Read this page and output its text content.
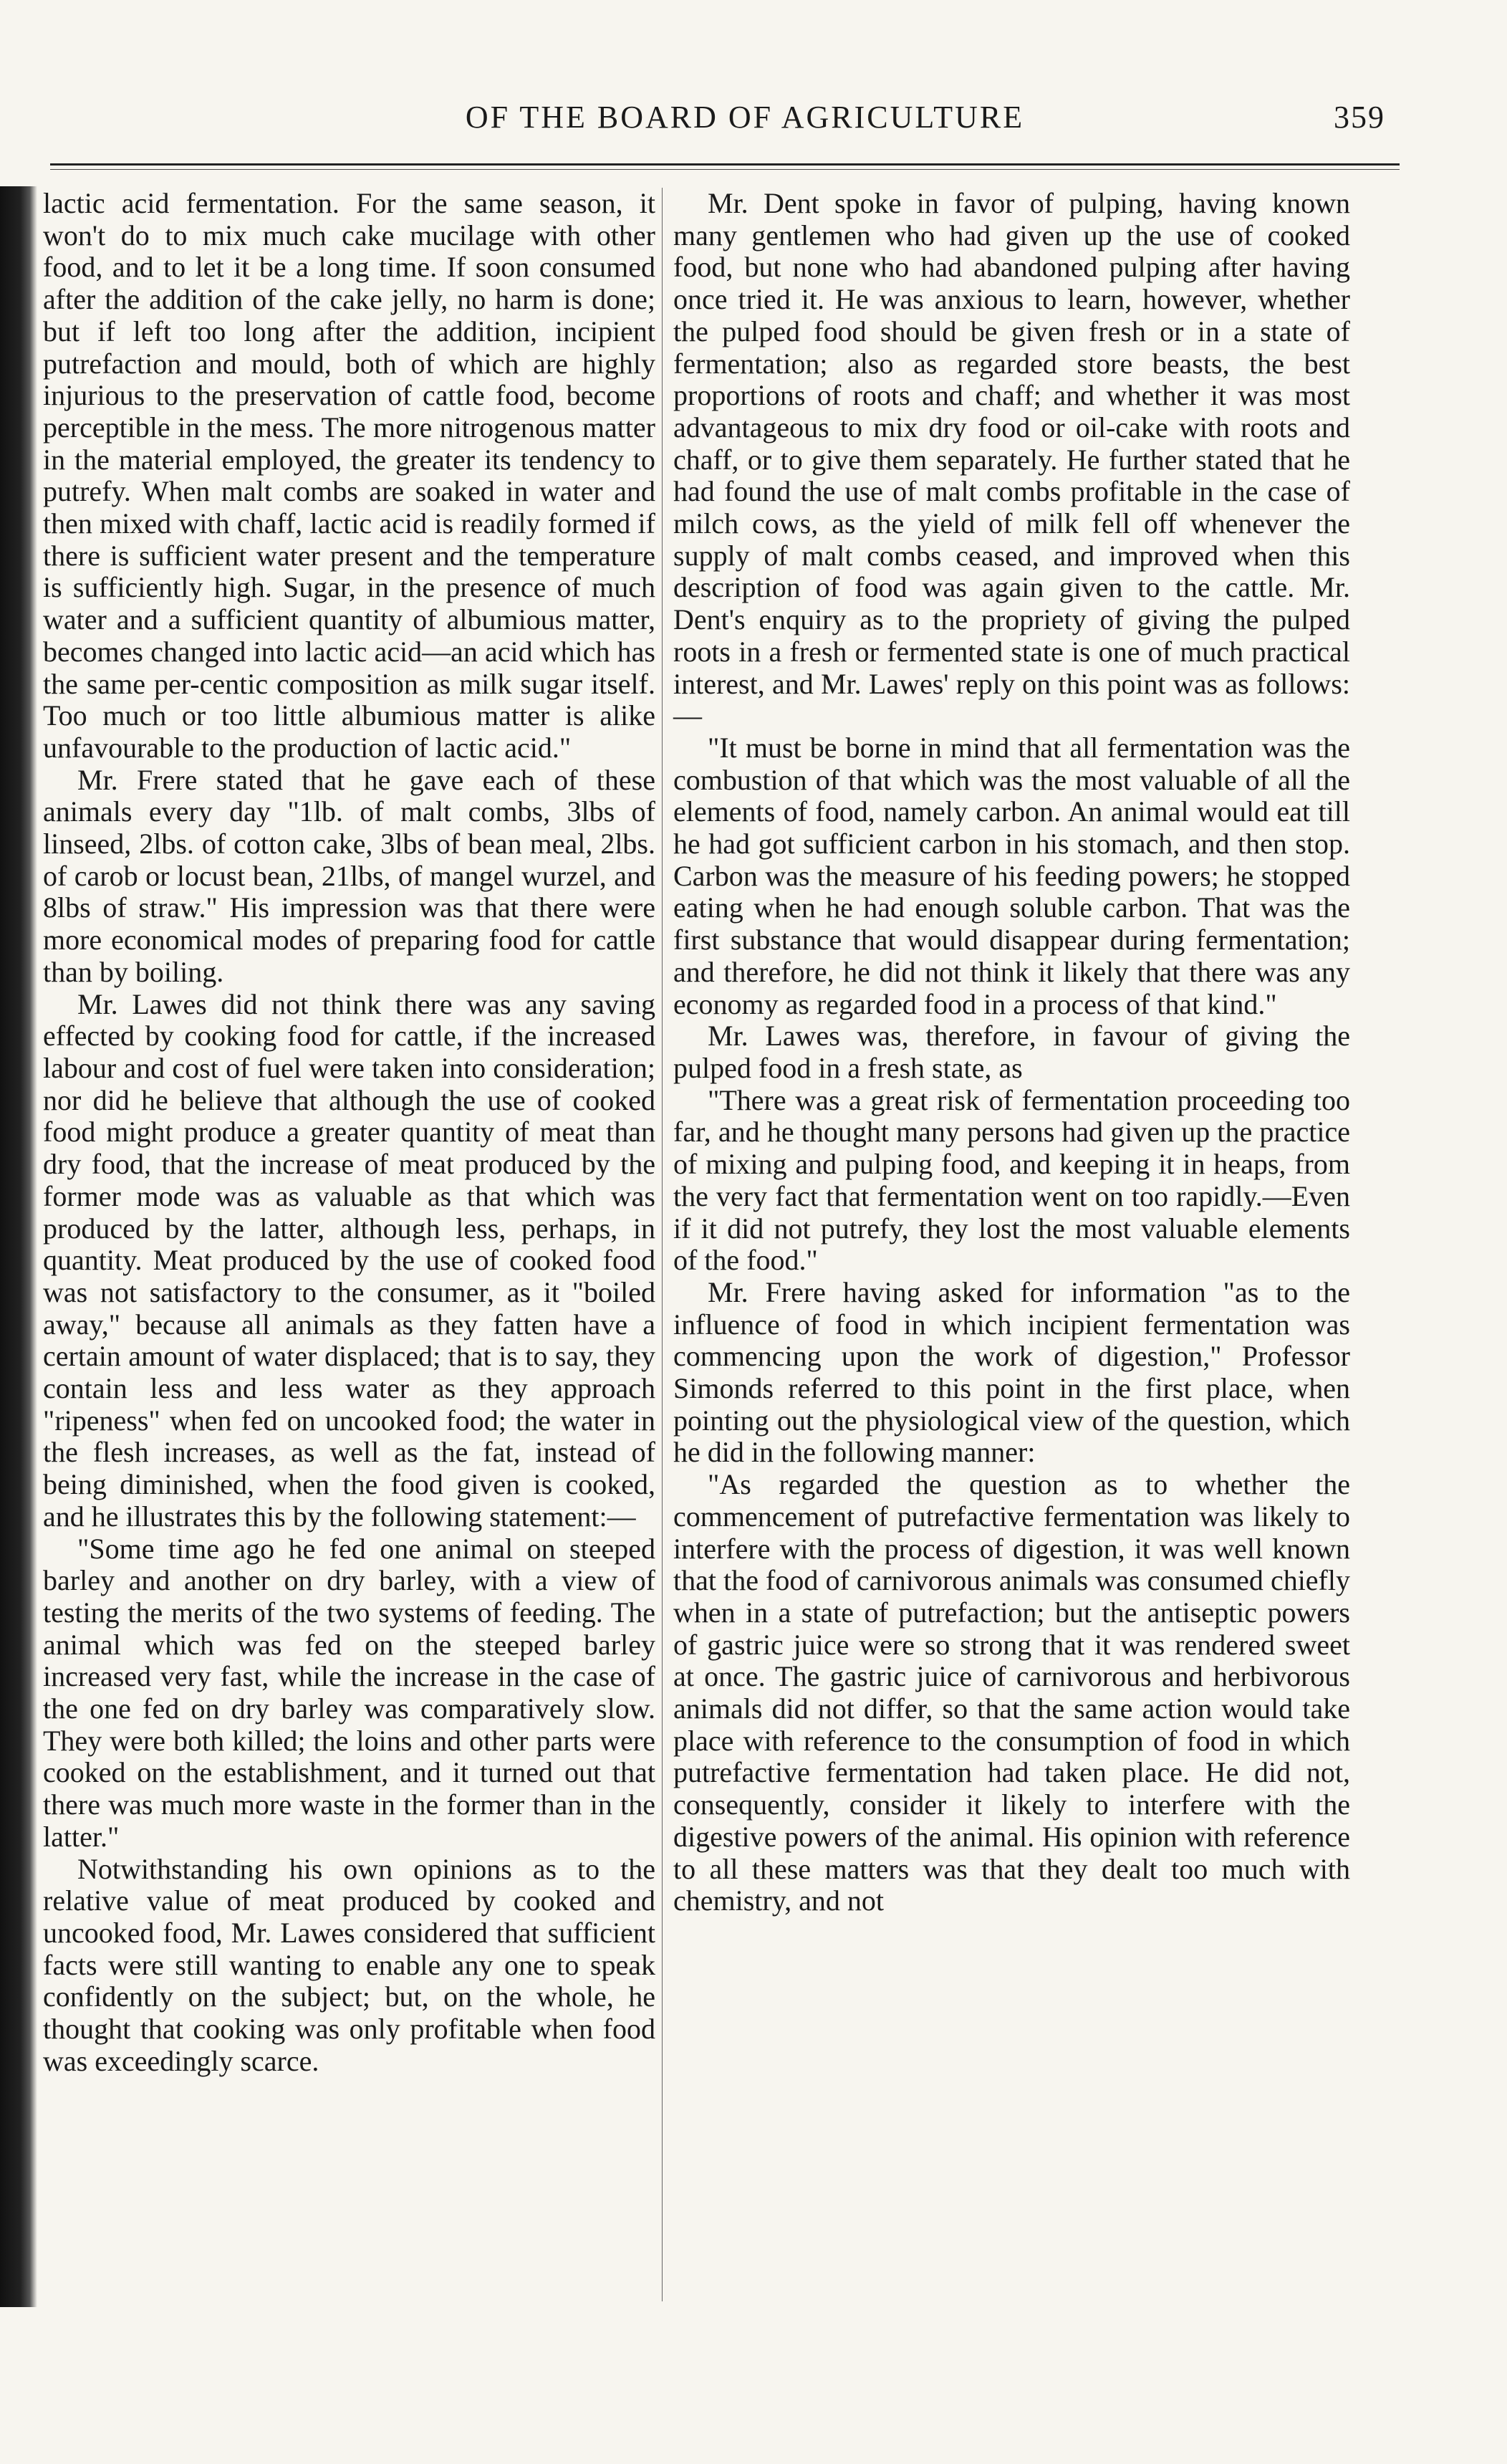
OF THE BOARD OF AGRICULTURE	359

lactic acid fermentation. For the same season, it won't do to mix much cake mucilage with other food, and to let it be a long time. If soon consumed after the addition of the cake jelly, no harm is done; but if left too long after the addition, incipient putrefaction and mould, both of which are highly injurious to the preservation of cattle food, become perceptible in the mess. The more nitrogenous matter in the material employed, the greater its tendency to putrefy. When malt combs are soaked in water and then mixed with chaff, lactic acid is readily formed if there is sufficient water present and the temperature is sufficiently high. Sugar, in the presence of much water and a sufficient quantity of albumious matter, becomes changed into lactic acid—an acid which has the same per-centic composition as milk sugar itself. Too much or too little albumious matter is alike unfavourable to the production of lactic acid."

Mr. Frere stated that he gave each of these animals every day "1lb. of malt combs, 3lbs of linseed, 2lbs. of cotton cake, 3lbs of bean meal, 2lbs. of carob or locust bean, 21lbs, of mangel wurzel, and 8lbs of straw." His impression was that there were more economical modes of preparing food for cattle than by boiling.

Mr. Lawes did not think there was any saving effected by cooking food for cattle, if the increased labour and cost of fuel were taken into consideration; nor did he believe that although the use of cooked food might produce a greater quantity of meat than dry food, that the increase of meat produced by the former mode was as valuable as that which was produced by the latter, although less, perhaps, in quantity. Meat produced by the use of cooked food was not satisfactory to the consumer, as it "boiled away," because all animals as they fatten have a certain amount of water displaced; that is to say, they contain less and less water as they approach "ripeness" when fed on uncooked food; the water in the flesh increases, as well as the fat, instead of being diminished, when the food given is cooked, and he illustrates this by the following statement:—

"Some time ago he fed one animal on steeped barley and another on dry barley, with a view of testing the merits of the two systems of feeding. The animal which was fed on the steeped barley increased very fast, while the increase in the case of the one fed on dry barley was comparatively slow. They were both killed; the loins and other parts were cooked on the establishment, and it turned out that there was much more waste in the former than in the latter."

Notwithstanding his own opinions as to the relative value of meat produced by cooked and uncooked food, Mr. Lawes considered that sufficient facts were still wanting to enable any one to speak confidently on the subject; but, on the whole, he thought that cooking was only profitable when food was exceedingly scarce.

Mr. Dent spoke in favor of pulping, having known many gentlemen who had given up the use of cooked food, but none who had abandoned pulping after having once tried it. He was anxious to learn, however, whether the pulped food should be given fresh or in a state of fermentation; also as regarded store beasts, the best proportions of roots and chaff; and whether it was most advantageous to mix dry food or oil-cake with roots and chaff, or to give them separately. He further stated that he had found the use of malt combs profitable in the case of milch cows, as the yield of milk fell off whenever the supply of malt combs ceased, and improved when this description of food was again given to the cattle. Mr. Dent's enquiry as to the propriety of giving the pulped roots in a fresh or fermented state is one of much practical interest, and Mr. Lawes' reply on this point was as follows:—

"It must be borne in mind that all fermentation was the combustion of that which was the most valuable of all the elements of food, namely carbon. An animal would eat till he had got sufficient carbon in his stomach, and then stop. Carbon was the measure of his feeding powers; he stopped eating when he had enough soluble carbon. That was the first substance that would disappear during fermentation; and therefore, he did not think it likely that there was any economy as regarded food in a process of that kind."

Mr. Lawes was, therefore, in favour of giving the pulped food in a fresh state, as

"There was a great risk of fermentation proceeding too far, and he thought many persons had given up the practice of mixing and pulping food, and keeping it in heaps, from the very fact that fermentation went on too rapidly.—Even if it did not putrefy, they lost the most valuable elements of the food."

Mr. Frere having asked for information "as to the influence of food in which incipient fermentation was commencing upon the work of digestion," Professor Simonds referred to this point in the first place, when pointing out the physiological view of the question, which he did in the following manner:

"As regarded the question as to whether the commencement of putrefactive fermentation was likely to interfere with the process of digestion, it was well known that the food of carnivorous animals was consumed chiefly when in a state of putrefaction; but the antiseptic powers of gastric juice were so strong that it was rendered sweet at once. The gastric juice of carnivorous and herbivorous animals did not differ, so that the same action would take place with reference to the consumption of food in which putrefactive fermentation had taken place. He did not, consequently, consider it likely to interfere with the digestive powers of the animal. His opinion with reference to all these matters was that they dealt too much with chemistry, and not
